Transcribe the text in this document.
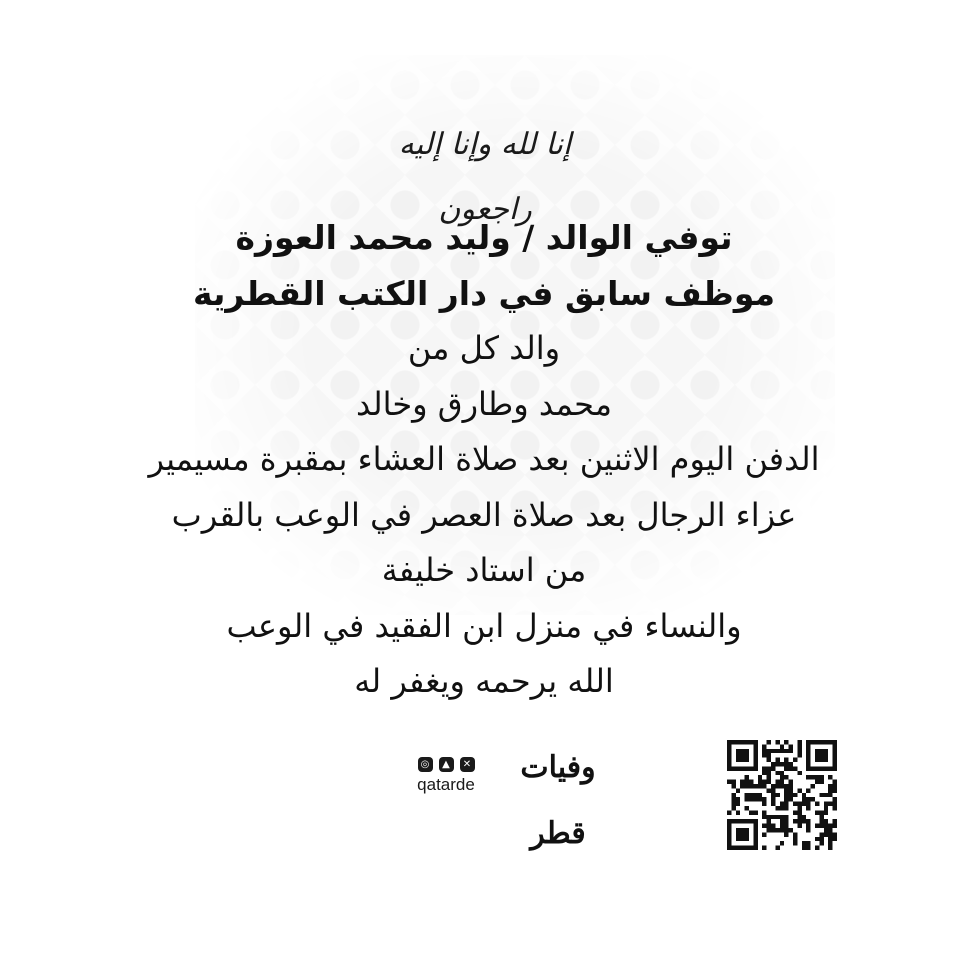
إنا لله وإنا إليه راجعون
توفي الوالد / وليد محمد العوزة
موظف سابق في دار الكتب القطرية
والد كل من
محمد وطارق وخالد
الدفن اليوم الاثنين بعد صلاة العشاء بمقبرة مسيمير
عزاء الرجال بعد صلاة العصر في الوعب بالقرب
من استاد خليفة
والنساء في منزل ابن الفقيد في الوعب
الله يرحمه ويغفر له
◎	▲	✕
qatarde	وفيات قطر
